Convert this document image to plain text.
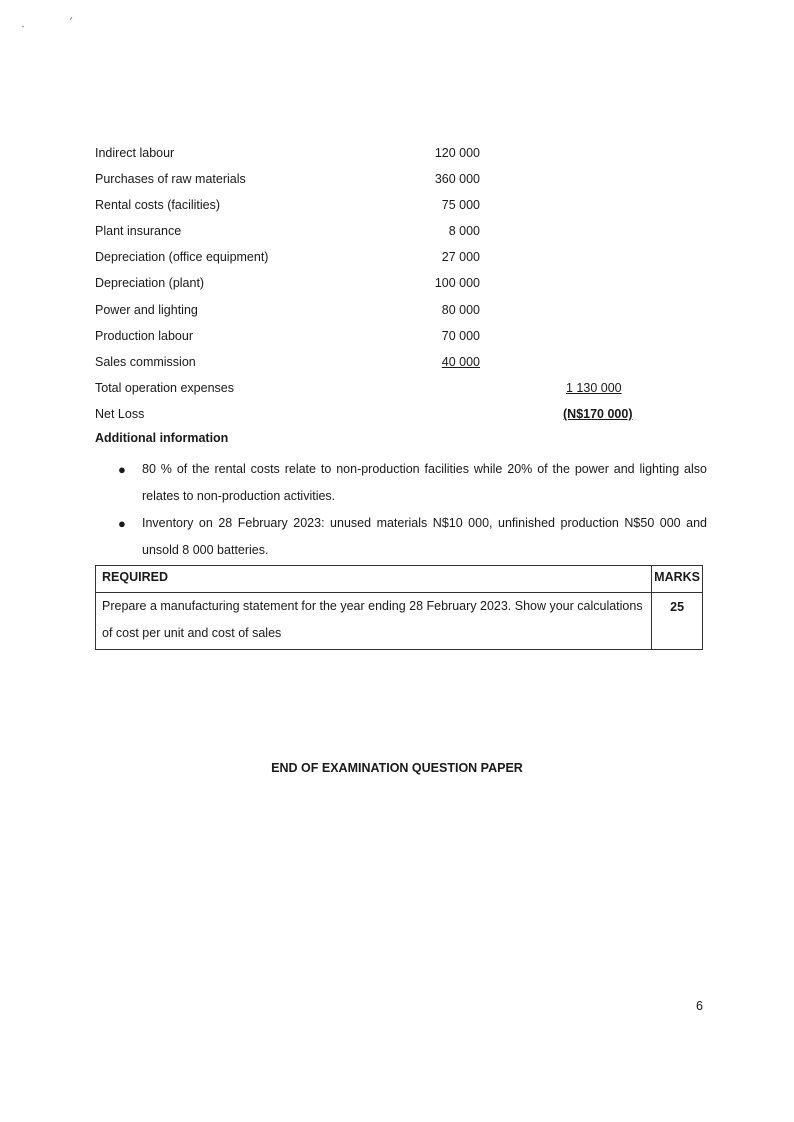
Indirect labour	120 000
Purchases of raw materials	360 000
Rental costs (facilities)	75 000
Plant insurance	8 000
Depreciation (office equipment)	27 000
Depreciation (plant)	100 000
Power and lighting	80 000
Production labour	70 000
Sales commission	40 000
Total operation expenses	1 130 000
Net Loss	(N$170 000)
Additional information
● 80 % of the rental costs relate to non-production facilities while 20% of the power and lighting also relates to non-production activities.
● Inventory on 28 February 2023: unused materials N$10 000, unfinished production N$50 000 and unsold 8 000 batteries.
REQUIRED	MARKS
Prepare a manufacturing statement for the year ending 28 February 2023. Show your calculations of cost per unit and cost of sales	25
END OF EXAMINATION QUESTION PAPER
6
